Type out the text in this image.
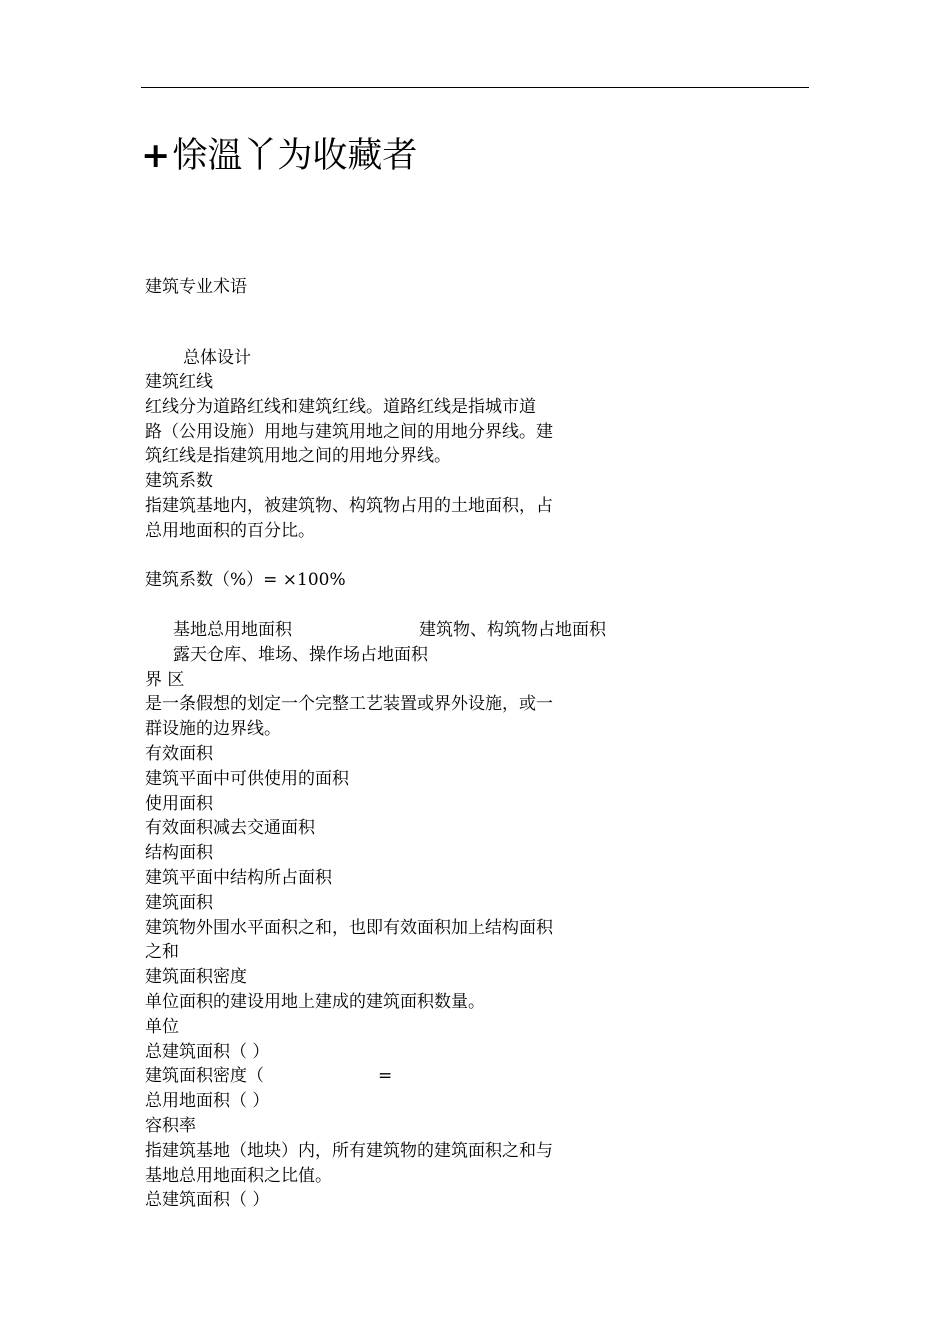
+悇溫丫为收藏者
建筑专业术语
总体设计
建筑红线
红线分为道路红线和建筑红线。道路红线是指城市道
路（公用设施）用地与建筑用地之间的用地分界线。建
筑红线是指建筑用地之间的用地分界线。
建筑系数
指建筑基地内，被建筑物、构筑物占用的土地面积，占
总用地面积的百分比。
建筑系数（%）= ×100%
基地总用地面积	建筑物、构筑物占地面积
露天仓库、堆场、操作场占地面积
界 区
是一条假想的划定一个完整工艺装置或界外设施，或一
群设施的边界线。
有效面积
建筑平面中可供使用的面积
使用面积
有效面积减去交通面积
结构面积
建筑平面中结构所占面积
建筑面积
建筑物外围水平面积之和，也即有效面积加上结构面积
之和
建筑面积密度
单位面积的建设用地上建成的建筑面积数量。
单位
总建筑面积（ ）
建筑面积密度（	=
总用地面积（ ）
容积率
指建筑基地（地块）内，所有建筑物的建筑面积之和与
基地总用地面积之比值。
总建筑面积（ ）
